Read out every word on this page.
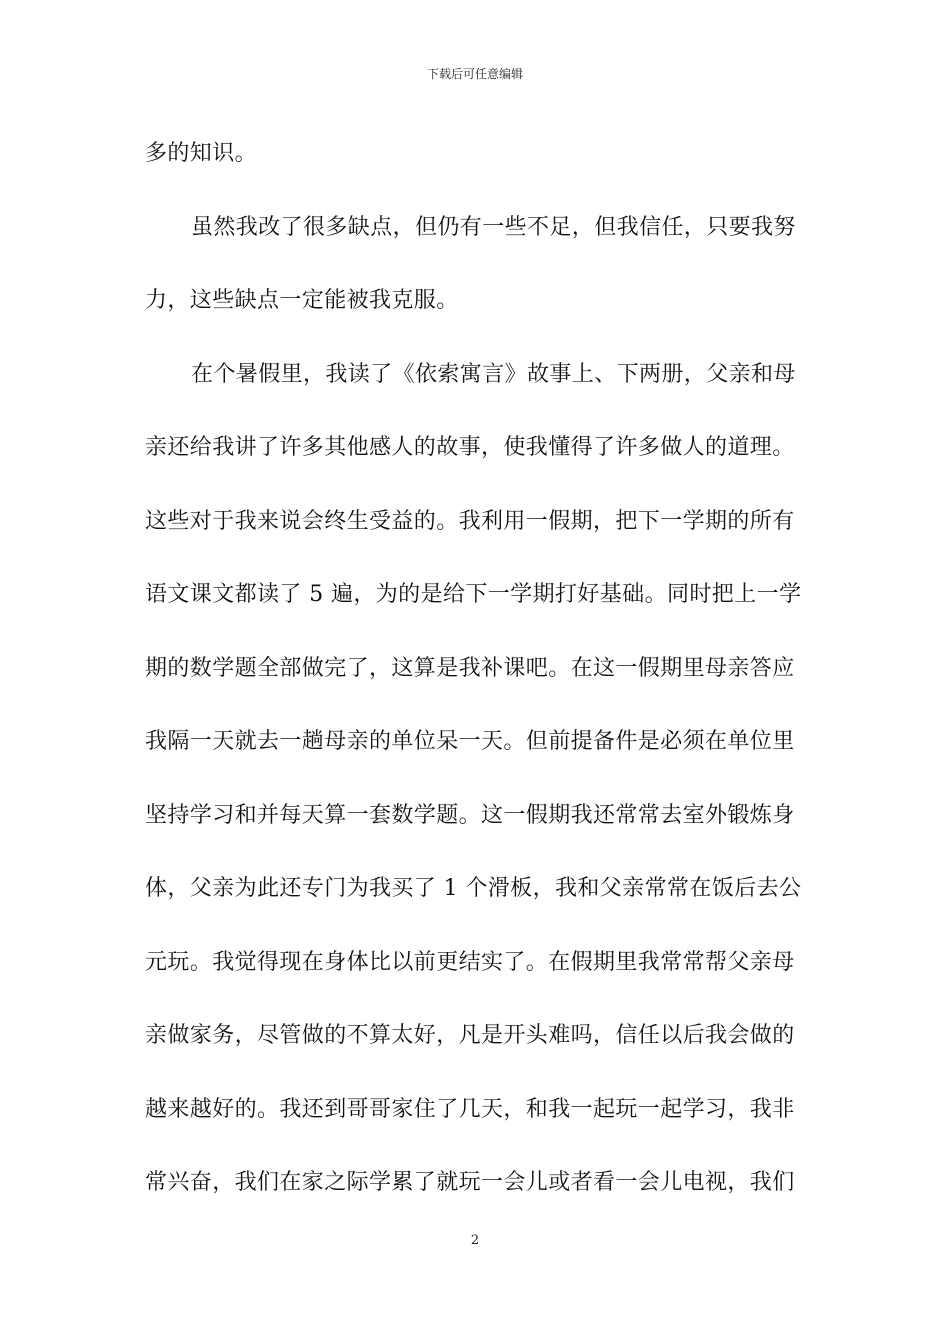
下载后可任意编辑
多的知识。
虽然我改了很多缺点，但仍有一些不足，但我信任，只要我努
力，这些缺点一定能被我克服。
在个暑假里，我读了《依索寓言》故事上、下两册，父亲和母
亲还给我讲了许多其他感人的故事，使我懂得了许多做人的道理。
这些对于我来说会终生受益的。我利用一假期，把下一学期的所有
语文课文都读了 5 遍，为的是给下一学期打好基础。同时把上一学
期的数学题全部做完了，这算是我补课吧。在这一假期里母亲答应
我隔一天就去一趟母亲的单位呆一天。但前提备件是必须在单位里
坚持学习和并每天算一套数学题。这一假期我还常常去室外锻炼身
体，父亲为此还专门为我买了 1 个滑板，我和父亲常常在饭后去公
元玩。我觉得现在身体比以前更结实了。在假期里我常常帮父亲母
亲做家务，尽管做的不算太好，凡是开头难吗，信任以后我会做的
越来越好的。我还到哥哥家住了几天，和我一起玩一起学习，我非
常兴奋，我们在家之际学累了就玩一会儿或者看一会儿电视，我们
2
